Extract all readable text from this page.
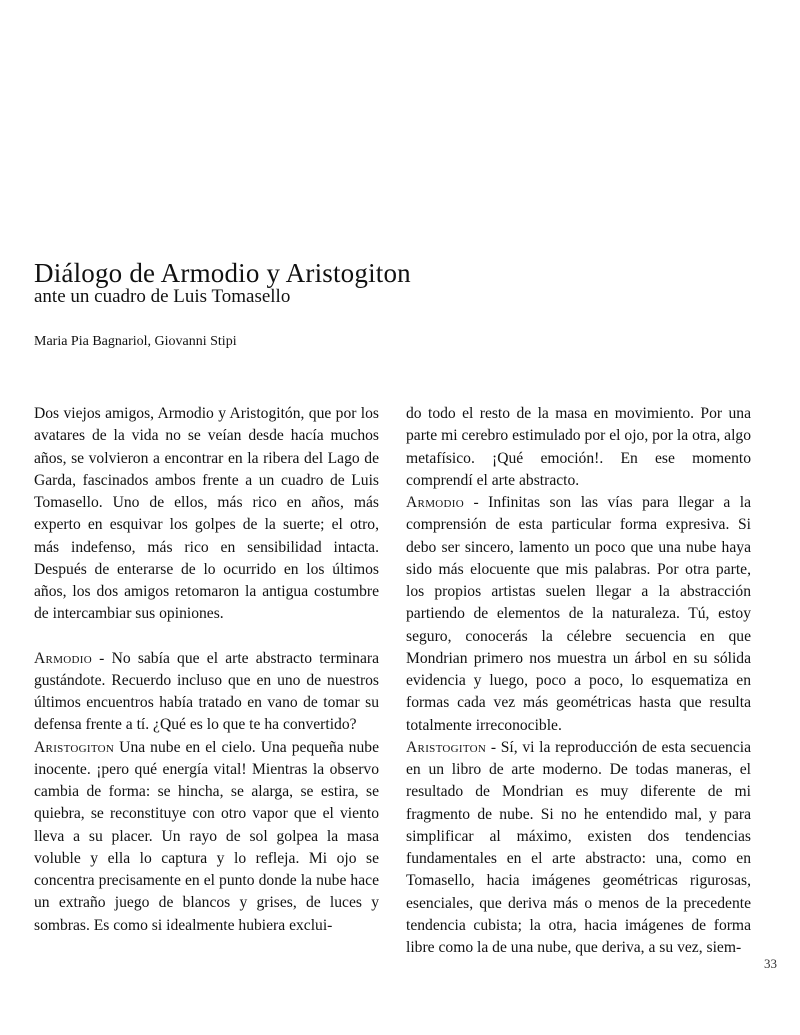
Diálogo de Armodio y Aristogiton
ante un cuadro de Luis Tomasello

Maria Pia Bagnariol, Giovanni Stipi

Dos viejos amigos, Armodio y Aristogitón, que por los avatares de la vida no se veían desde hacía muchos años, se volvieron a encontrar en la ribera del Lago de Garda, fascinados ambos frente a un cuadro de Luis Tomasello. Uno de ellos, más rico en años, más experto en esquivar los golpes de la suerte; el otro, más indefenso, más rico en sensibilidad intacta. Después de enterarse de lo ocurrido en los últimos años, los dos amigos retomaron la antigua costumbre de intercambiar sus opiniones.

Armodio - No sabía que el arte abstracto terminara gustándote. Recuerdo incluso que en uno de nuestros últimos encuentros había tratado en vano de tomar su defensa frente a tí. ¿Qué es lo que te ha convertido?

Aristogiton Una nube en el cielo. Una pequeña nube inocente. ¡pero qué energía vital! Mientras la observo cambia de forma: se hincha, se alarga, se estira, se quiebra, se reconstituye con otro vapor que el viento lleva a su placer. Un rayo de sol golpea la masa voluble y ella lo captura y lo refleja. Mi ojo se concentra precisamente en el punto donde la nube hace un extraño juego de blancos y grises, de luces y sombras. Es como si idealmente hubiera exclui-

do todo el resto de la masa en movimiento. Por una parte mi cerebro estimulado por el ojo, por la otra, algo metafísico. ¡Qué emoción!. En ese momento comprendí el arte abstracto.

Armodio - Infinitas son las vías para llegar a la comprensión de esta particular forma expresiva. Si debo ser sincero, lamento un poco que una nube haya sido más elocuente que mis palabras. Por otra parte, los propios artistas suelen llegar a la abstracción partiendo de elementos de la naturaleza. Tú, estoy seguro, conocerás la célebre secuencia en que Mondrian primero nos muestra un árbol en su sólida evidencia y luego, poco a poco, lo esquematiza en formas cada vez más geométricas hasta que resulta totalmente irreconocible.

Aristogiton - Sí, vi la reproducción de esta secuencia en un libro de arte moderno. De todas maneras, el resultado de Mondrian es muy diferente de mi fragmento de nube. Si no he entendido mal, y para simplificar al máximo, existen dos tendencias fundamentales en el arte abstracto: una, como en Tomasello, hacia imágenes geométricas rigurosas, esenciales, que deriva más o menos de la precedente tendencia cubista; la otra, hacia imágenes de forma libre como la de una nube, que deriva, a su vez, siem-

33
